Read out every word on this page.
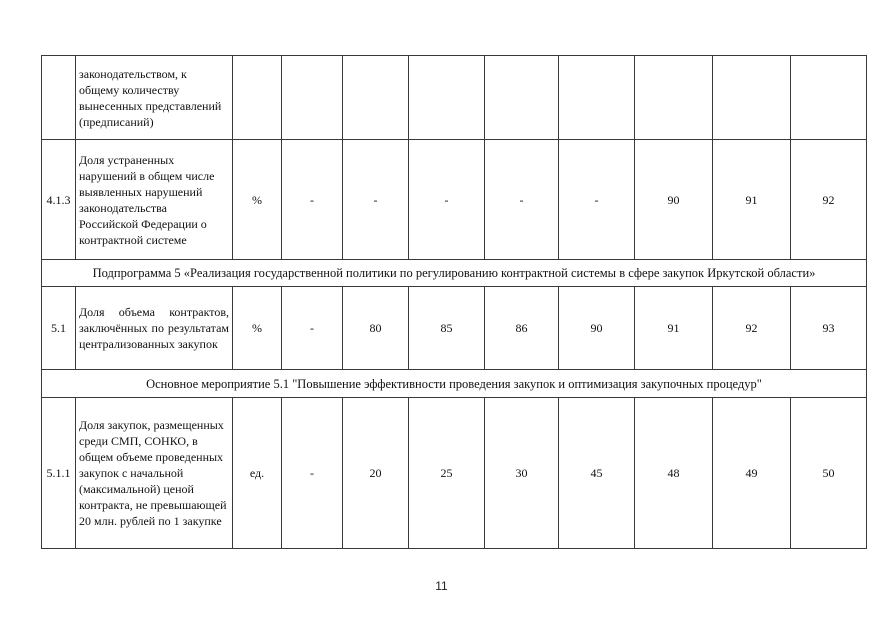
	законодательством, к общему количеству вынесенных представлений (предписаний)									

4.1.3	Доля устраненных нарушений в общем числе выявленных нарушений законодательства Российской Федерации о контрактной системе	%	-	-	-	-	-	90	91	92
Подпрограмма 5 «Реализация государственной политики по регулированию контрактной системы в сфере закупок Иркутской области»										
5.1	Доля объема контрактов, заключённых по результатам централизованных закупок	%	-	80	85	86	90	91	92	93
Основное мероприятие 5.1 "Повышение эффективности проведения закупок и оптимизация закупочных процедур"										
5.1.1	Доля закупок, размещенных среди СМП, СОНКО, в общем объеме проведенных закупок с начальной (максимальной) ценой контракта, не превышающей 20 млн. рублей по 1 закупке	ед.	-	20	25	30	45	48	49	50
11
